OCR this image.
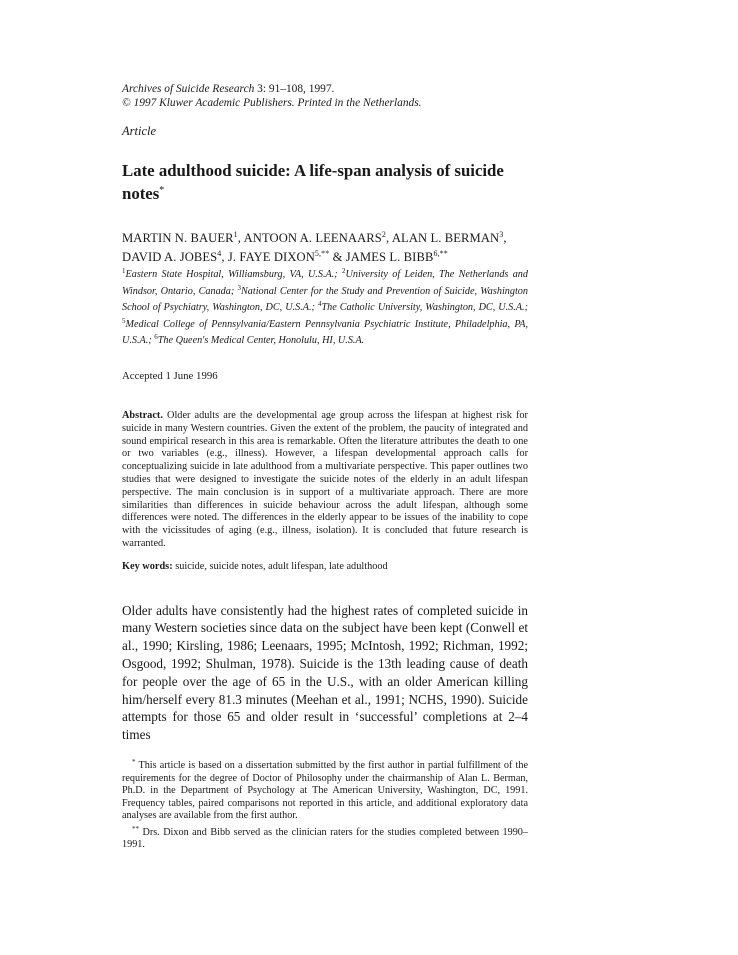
Archives of Suicide Research 3: 91–108, 1997.
© 1997 Kluwer Academic Publishers. Printed in the Netherlands.
Article
Late adulthood suicide: A life-span analysis of suicide notes*
MARTIN N. BAUER$^1$, ANTOON A. LEENAARS$^2$, ALAN L. BERMAN$^3$, DAVID A. JOBES$^4$, J. FAYE $DIXON^{5,**}$ & JAMES L. $BIBB^{6,**}$
$^1$Eastern State Hospital, Williamsburg, VA, U.S.A.; $^2$University of Leiden, The Netherlands and Windsor, Ontario, Canada; $^3$National Center for the Study and Prevention of Suicide, Washington School of Psychiatry, Washington, DC, U.S.A.; $^4$The Catholic University, Washington, DC, U.S.A.; $^5$Medical College of Pennsylvania/Eastern Pennsylvania Psychiatric Institute, Philadelphia, PA, U.S.A.; $^6$The Queen's Medical Center, Honolulu, HI, U.S.A.
Accepted 1 June 1996
Abstract. Older adults are the developmental age group across the lifespan at highest risk for suicide in many Western countries. Given the extent of the problem, the paucity of integrated and sound empirical research in this area is remarkable. Often the literature attributes the death to one or two variables (e.g., illness). However, a lifespan developmental approach calls for conceptualizing suicide in late adulthood from a multivariate perspective. This paper outlines two studies that were designed to investigate the suicide notes of the elderly in an adult lifespan perspective. The main conclusion is in support of a multivariate approach. There are more similarities than differences in suicide behaviour across the adult lifespan, although some differences were noted. The differences in the elderly appear to be issues of the inability to cope with the vicissitudes of aging (e.g., illness, isolation). It is concluded that future research is warranted.
Key words: suicide, suicide notes, adult lifespan, late adulthood
Older adults have consistently had the highest rates of completed suicide in many Western societies since data on the subject have been kept (Conwell et al., 1990; Kirsling, 1986; Leenaars, 1995; McIntosh, 1992; Richman, 1992; Osgood, 1992; Shulman, 1978). Suicide is the 13th leading cause of death for people over the age of 65 in the U.S., with an older American killing him/herself every 81.3 minutes (Meehan et al., 1991; NCHS, 1990). Suicide attempts for those 65 and older result in ‘successful’ completions at 2–4 times
* This article is based on a dissertation submitted by the first author in partial fulfillment of the requirements for the degree of Doctor of Philosophy under the chairmanship of Alan L. Berman, Ph.D. in the Department of Psychology at The American University, Washington, DC, 1991. Frequency tables, paired comparisons not reported in this article, and additional exploratory data analyses are available from the first author.
** Drs. Dixon and Bibb served as the clinician raters for the studies completed between 1990–1991.
